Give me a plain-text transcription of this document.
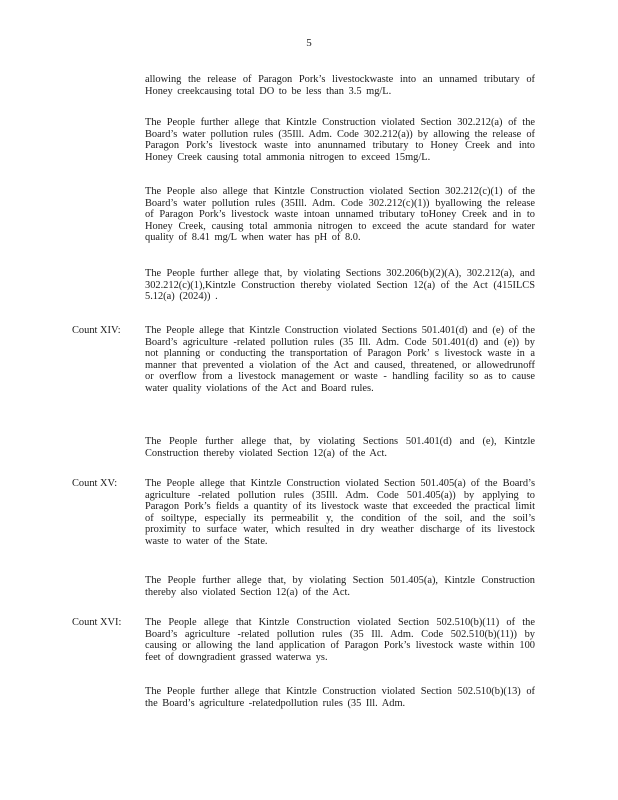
5
allowing the release of Paragon Pork’s livestockwaste into an unnamed tributary of Honey creekcausing total DO to be less than 3.5 mg/L.
The People further allege that Kintzle Construction violated Section 302.212(a) of the Board’s water pollution rules (35Ill. Adm. Code 302.212(a)) by allowing the release of Paragon Pork’s livestock waste into anunnamed tributary to Honey Creek and into Honey Creek causing total ammonia nitrogen to exceed 15mg/L.
The People also allege that Kintzle Construction violated Section 302.212(c)(1) of the Board’s water pollution rules (35Ill. Adm. Code 302.212(c)(1)) byallowing the release of Paragon Pork’s livestock waste intoan unnamed tributary toHoney Creek and in to Honey Creek, causing total ammonia nitrogen to exceed the acute standard for water quality of 8.41 mg/L when water has pH of 8.0.
The People further allege that, by violating Sections 302.206(b)(2)(A), 302.212(a), and 302.212(c)(1),Kintzle Construction thereby violated Section 12(a) of the Act (415ILCS 5.12(a) (2024)) .
Count XIV:	The People allege that Kintzle Construction violated Sections 501.401(d) and (e) of the Board’s agriculture -related pollution rules (35 Ill. Adm. Code 501.401(d) and (e)) by not planning or conducting the transportation of Paragon Pork’ s livestock waste in a manner that prevented a violation of the Act and caused, threatened, or allowedrunoff or overflow from a livestock management or waste - handling facility so as to cause water quality violations of the Act and Board rules.
The People further allege that, by violating Sections 501.401(d) and (e), Kintzle Construction thereby violated Section 12(a) of the Act.
Count XV:	The People allege that Kintzle Construction violated Section 501.405(a) of the Board’s agriculture -related pollution rules (35Ill. Adm. Code 501.405(a)) by applying to Paragon Pork’s fields a quantity of its livestock waste that exceeded the practical limit of soiltype, especially its permeabilit y, the condition of the soil, and the soil’s proximity to surface water, which resulted in dry weather discharge of its livestock waste to water of the State.
The People further allege that, by violating Section 501.405(a), Kintzle Construction thereby also violated Section 12(a) of the Act.
Count XVI:	The People allege that Kintzle Construction violated Section 502.510(b)(11) of the Board’s agriculture -related pollution rules (35 Ill. Adm. Code 502.510(b)(11)) by causing or allowing the land application of Paragon Pork’s livestock waste within 100 feet of downgradient grassed waterwa ys.
The People further allege that Kintzle Construction violated Section 502.510(b)(13) of the Board’s agriculture -relatedpollution rules (35 Ill. Adm.
